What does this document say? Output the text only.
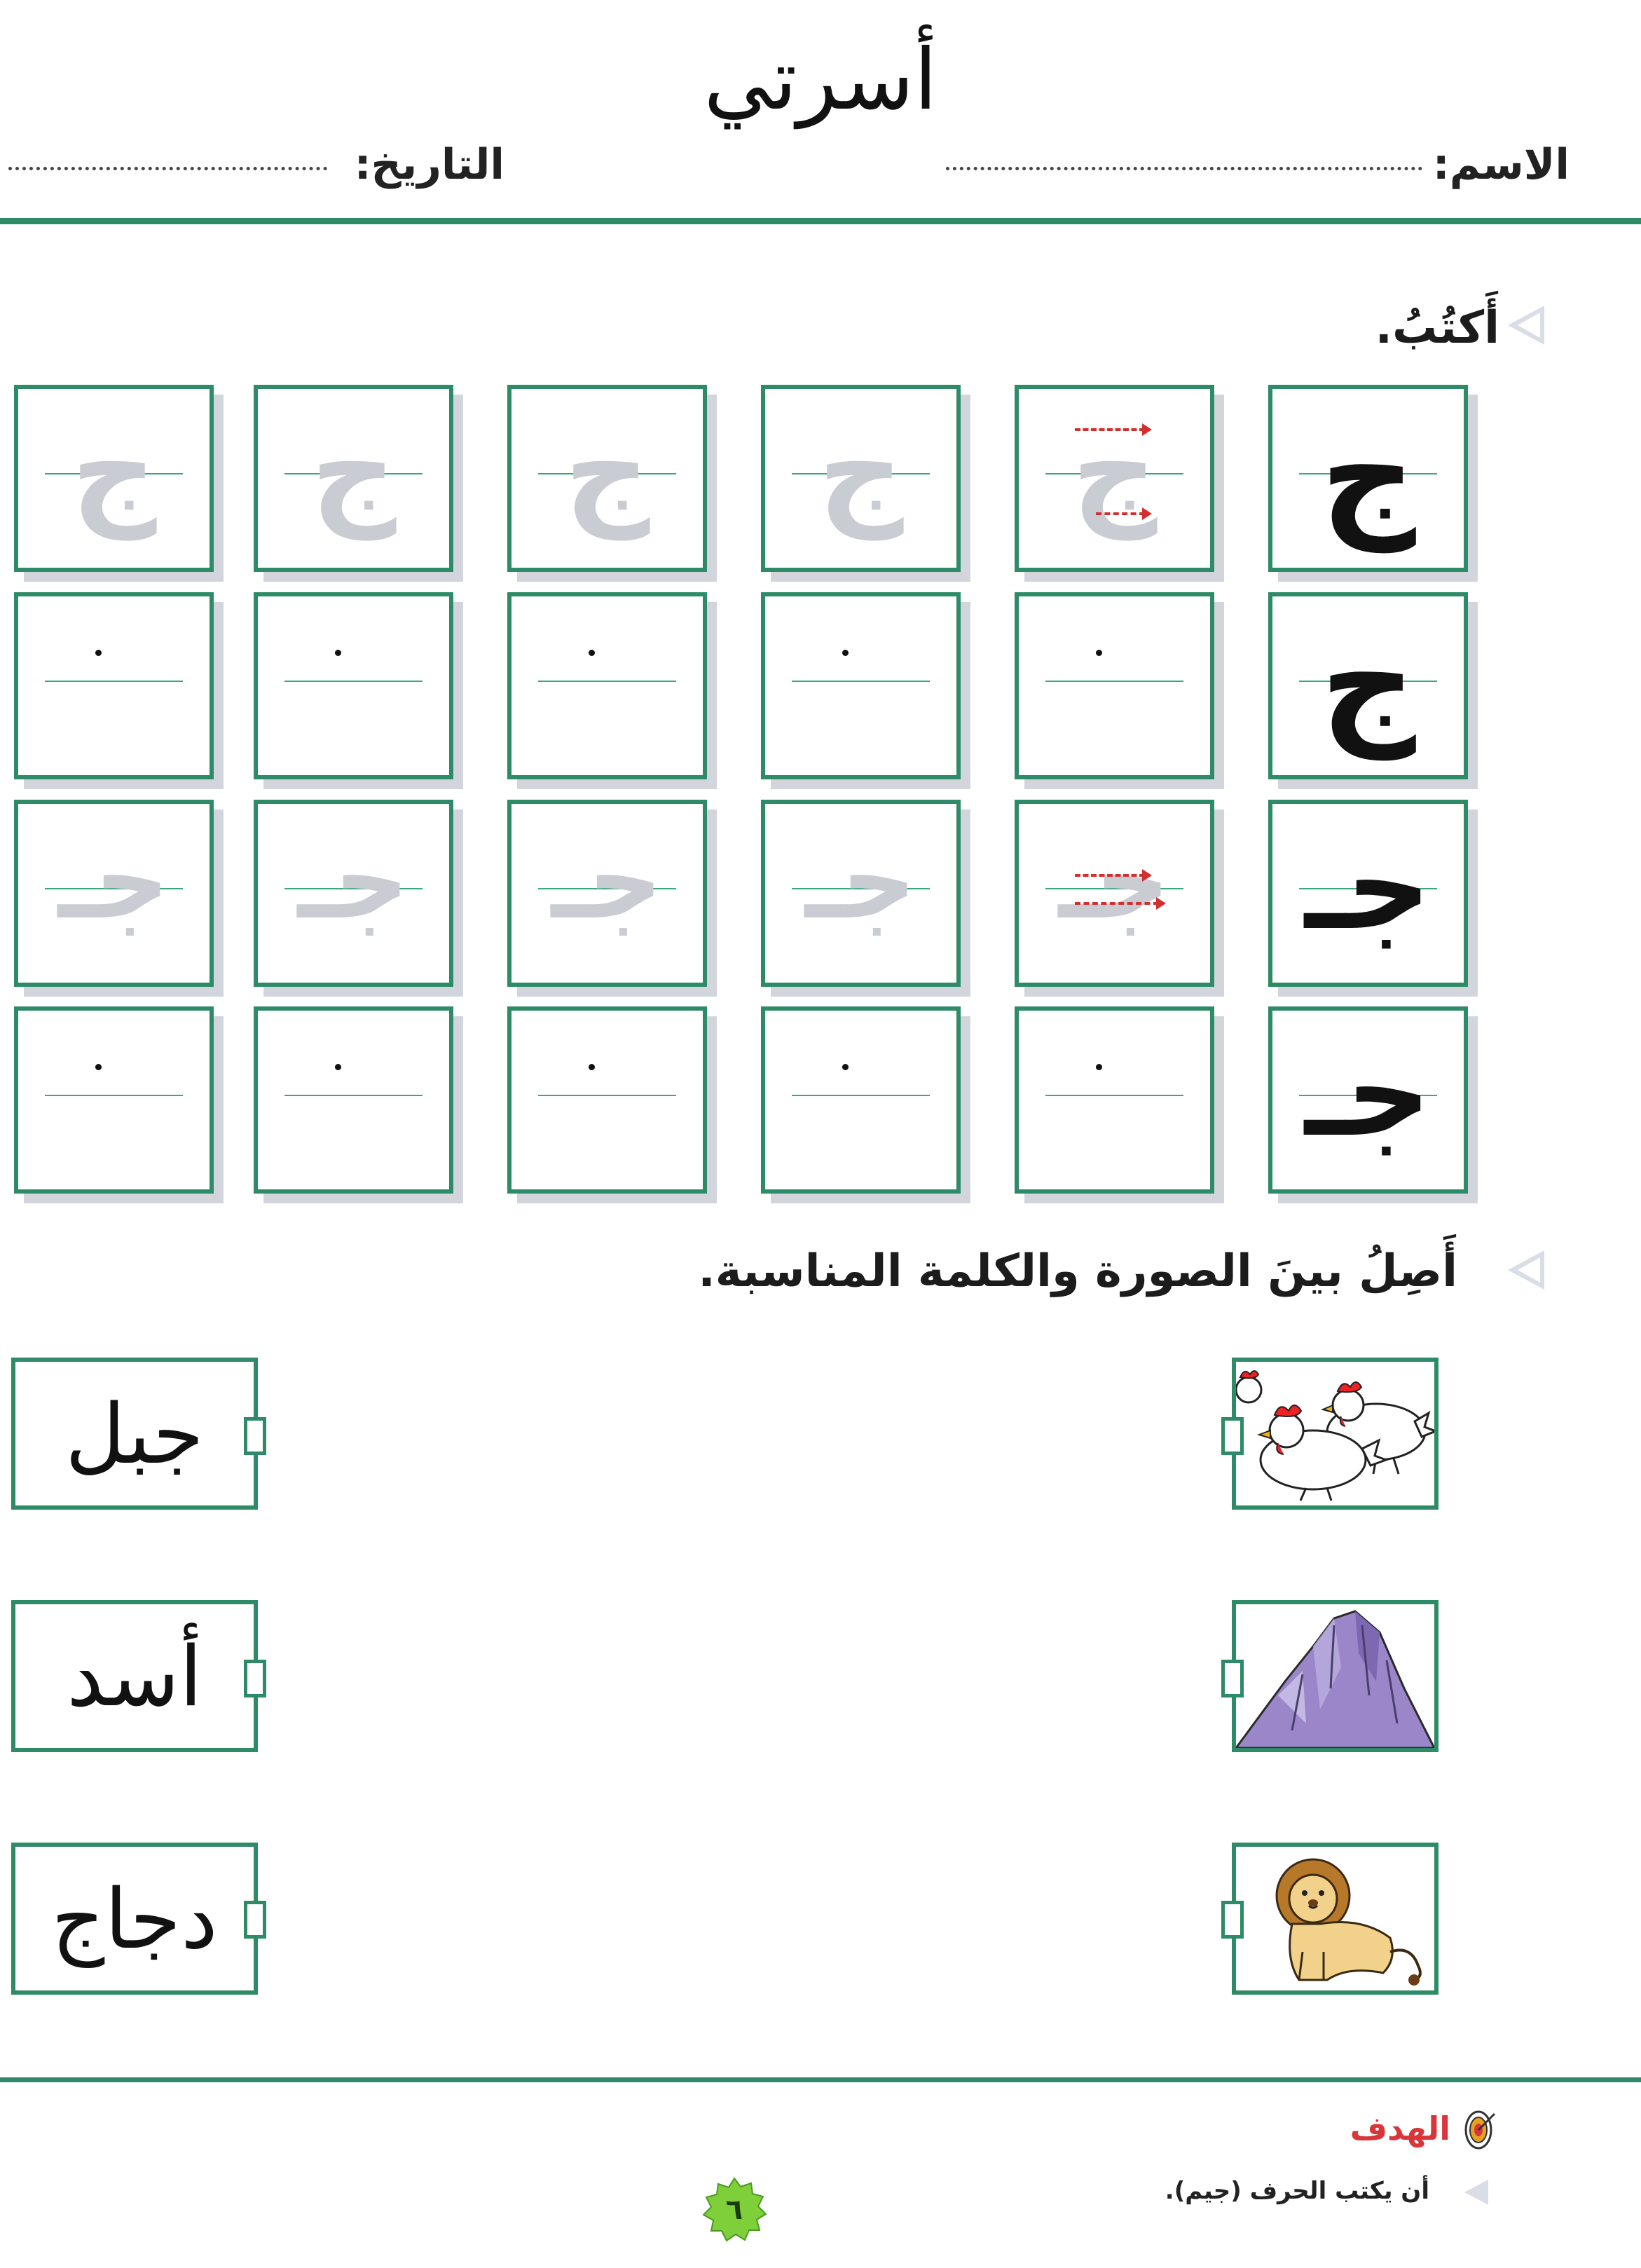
أسرتي
الاسم:
التاريخ:
أَكتُبُ.
ج
ج
ج
ج
ج
ج
ج
جـ
جـ
جـ
جـ
جـ
جـ
جـ
أَصِلُ بينَ الصورة والكلمة المناسبة.
جبل
أسد
دجاج
الهدف
أن يكتب الحرف (جيم).
٦
